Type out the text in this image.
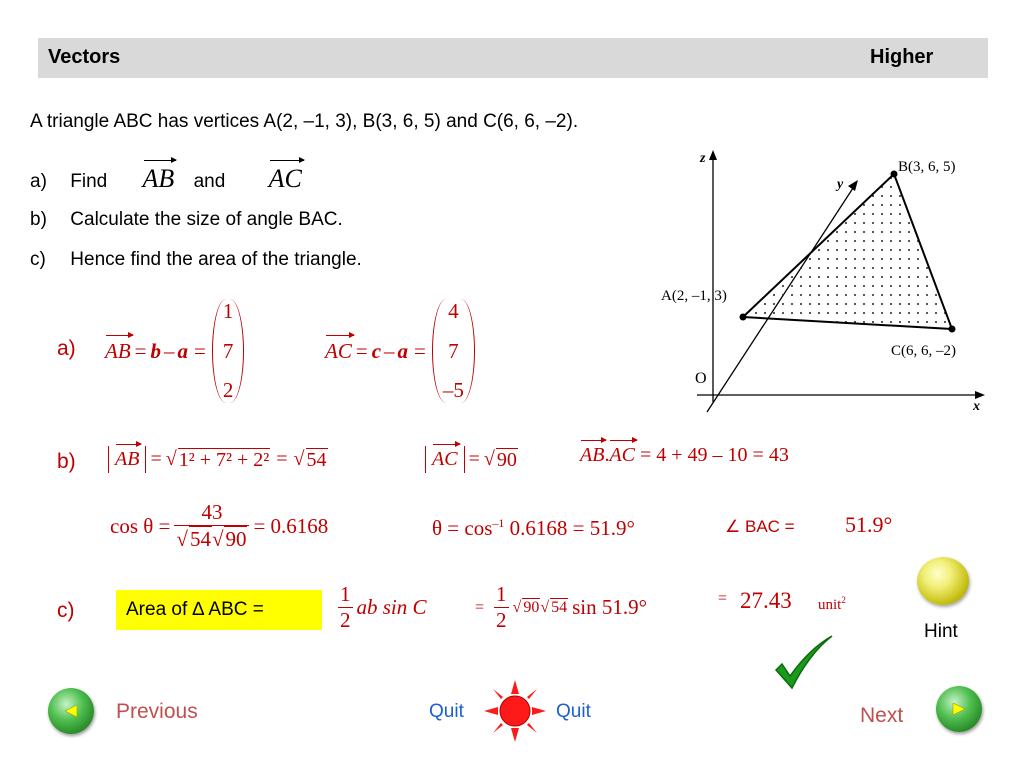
Vectors	Higher
A triangle ABC has vertices A(2, –1, 3), B(3, 6, 5) and C(6, 6, –2).
a) Find AB and AC
b) Calculate the size of angle BAC.
c) Hence find the area of the triangle.
z
y
x
O
A(2, –1, 3)
B(3, 6, 5)
C(6, 6, –2)
a) AB = b – a =
1
7
2
AC = c – a =
4
7
–5
b)	AB = √ 1² + 7² + 2² = √ 54	AC = √ 90	AB . AC = 4 + 49 – 10 = 43
$\cos \theta = \frac{43}{√54√90} = 0.6168$	$\theta = \cos^{-1} 0.6168 = 51.9^\circ$	∠ BAC = 51.9°
c)	Area of ∆ ABC =	$\frac{1}{2}$ ab sin C	= $\frac{1}{2}$ √ 90√ 54 sin 51.9°	= 27.43 unit$^2$
Hint
Previous	Quit	Quit	Next
